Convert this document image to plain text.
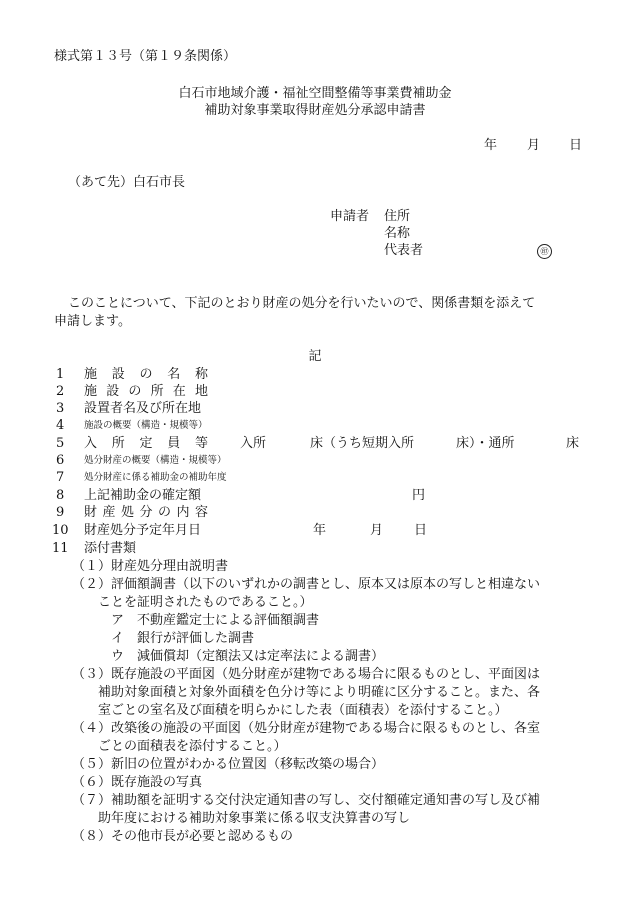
様式第１３号（第１９条関係）
白石市地域介護・福祉空間整備等事業費補助金
補助対象事業取得財産処分承認申請書
年 月 日
（あて先）白石市長
申請者 住所
名称
代表者	㊞
このことについて、下記のとおり財産の処分を行いたいので、関係書類を添えて
申請します。
記
1 施設の名称
2 施設の所在地
3 設置者名及び所在地
4 施設の概要（構造・規模等）
5 入所定員等 入所	床（うち短期入所	床）・通所	床
6 処分財産の概要（構造・規模等）
7 処分財産に係る補助金の補助年度
8 上記補助金の確定額	円
9 財産処分の内容
10 財産処分予定年月日	年	月 日
11 添付書類
（１）財産処分理由説明書
（２）評価額調書（以下のいずれかの調書とし、原本又は原本の写しと相違ない
ことを証明されたものであること。）
ア　不動産鑑定士による評価額調書
イ　銀行が評価した調書
ウ　減価償却（定額法又は定率法による調書）
（３）既存施設の平面図（処分財産が建物である場合に限るものとし、平面図は
補助対象面積と対象外面積を色分け等により明確に区分すること。また、各
室ごとの室名及び面積を明らかにした表（面積表）を添付すること。）
（４）改築後の施設の平面図（処分財産が建物である場合に限るものとし、各室
ごとの面積表を添付すること。）
（５）新旧の位置がわかる位置図（移転改築の場合）
（６）既存施設の写真
（７）補助額を証明する交付決定通知書の写し、交付額確定通知書の写し及び補
助年度における補助対象事業に係る収支決算書の写し
（８）その他市長が必要と認めるもの
